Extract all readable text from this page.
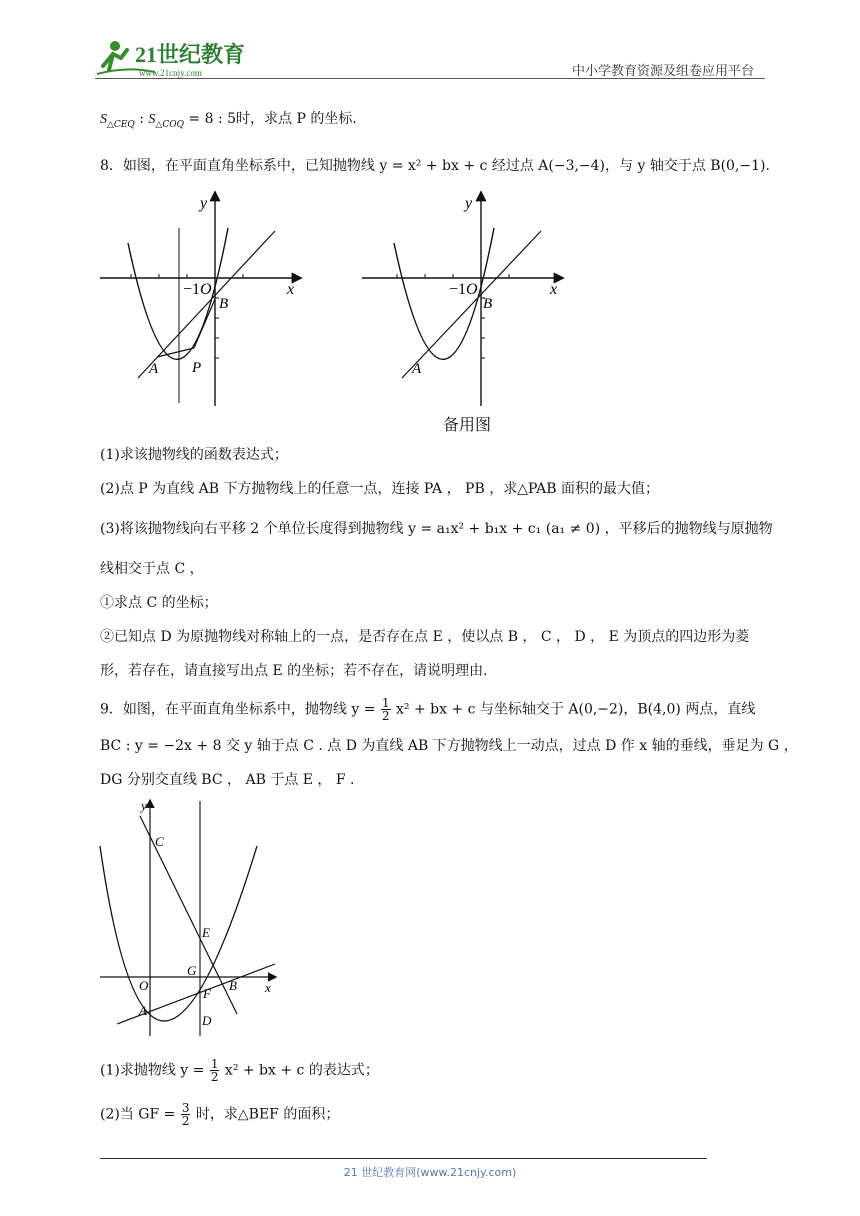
21世纪教育
www.21cnjy.com	中小学教育资源及组卷应用平台
$S_{\triangle CEQ}$ : $S_{\triangle COQ} = 8$ : 5时，求点 P 的坐标.
8．如图，在平面直角坐标系中，已知抛物线 y = x² + bx + c 经过点 A(−3,−4)，与 y 轴交于点 B(0,−1).
y
x
−1 O
B
A P
y
x
−1 O
B
A
备用图
(1)求该抛物线的函数表达式；
(2)点 P 为直线 AB 下方抛物线上的任意一点，连接 PA ， PB ，求△PAB 面积的最大值；
(3)将该抛物线向右平移 2 个单位长度得到抛物线 y = a₁x² + b₁x + c₁ (a₁ ≠ 0) ，平移后的抛物线与原抛物
线相交于点 C ，
①求点 C 的坐标；
②已知点 D 为原抛物线对称轴上的一点，是否存在点 E ，使以点 B ， C ， D ， E 为顶点的四边形为菱
形，若存在，请直接写出点 E 的坐标；若不存在，请说明理由.
9．如图，在平面直角坐标系中，抛物线 $y = \frac{1}{2} x^2$ + bx + c 与坐标轴交于 A(0,−2)，B(4,0) 两点，直线
BC : y = −2x + 8 交 y 轴于点 C . 点 D 为直线 AB 下方抛物线上一动点，过点 D 作 x 轴的垂线，垂足为 G ，
DG 分别交直线 BC ， AB 于点 E ， F .
y
x
C
E
G
F
B
O
A
D
(1)求抛物线 $y = \frac{1}{2} x^2$ + bx + c 的表达式；
(2)当 GF = $\frac{3}{2}$ 时，求△BEF 的面积；
21 世纪教育网(www.21cnjy.com)
